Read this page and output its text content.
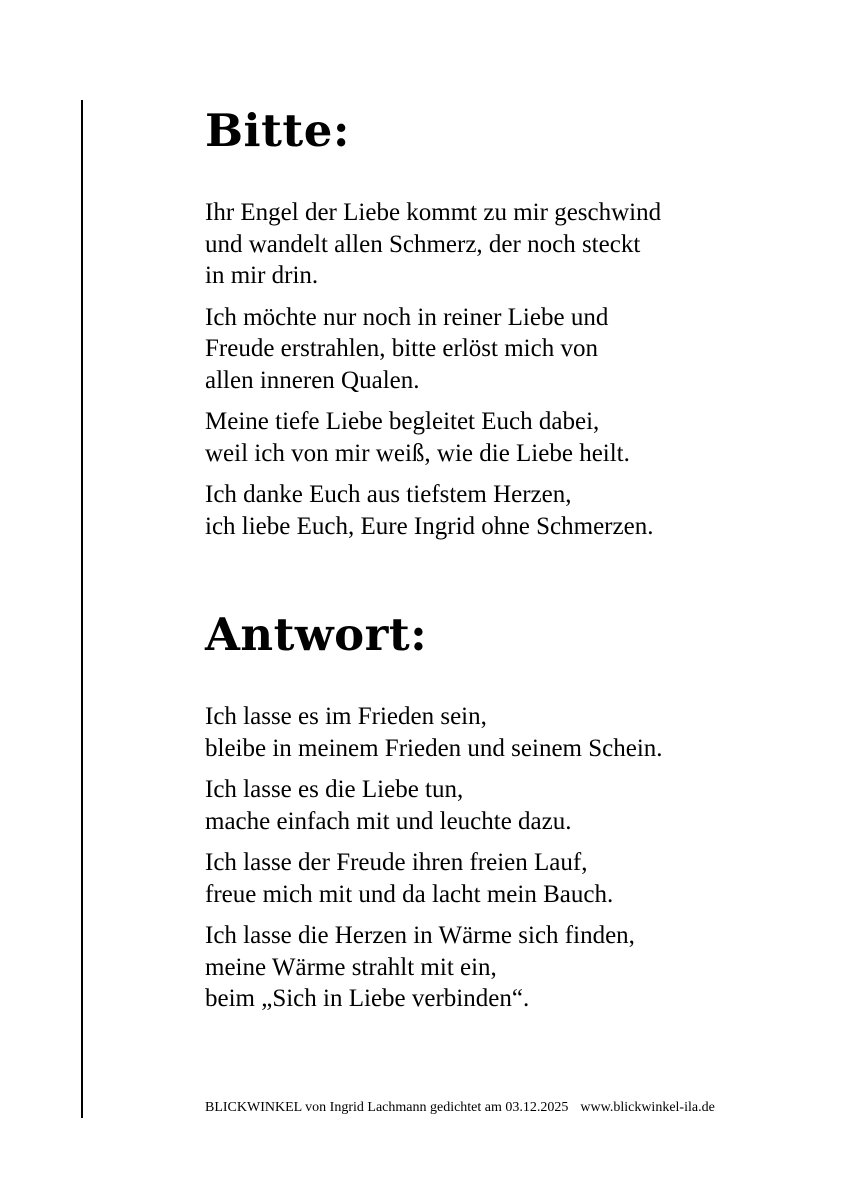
Bitte:

Ihr Engel der Liebe kommt zu mir geschwind
und wandelt allen Schmerz, der noch steckt
in mir drin.

Ich möchte nur noch in reiner Liebe und
Freude erstrahlen, bitte erlöst mich von
allen inneren Qualen.

Meine tiefe Liebe begleitet Euch dabei,
weil ich von mir weiß, wie die Liebe heilt.

Ich danke Euch aus tiefstem Herzen,
ich liebe Euch, Eure Ingrid ohne Schmerzen.

Antwort:

Ich lasse es im Frieden sein,
bleibe in meinem Frieden und seinem Schein.

Ich lasse es die Liebe tun,
mache einfach mit und leuchte dazu.

Ich lasse der Freude ihren freien Lauf,
freue mich mit und da lacht mein Bauch.

Ich lasse die Herzen in Wärme sich finden,
meine Wärme strahlt mit ein,
beim „Sich in Liebe verbinden“.

BLICKWINKEL von Ingrid Lachmann gedichtet am 03.12.2025 www.blickwinkel-ila.de
